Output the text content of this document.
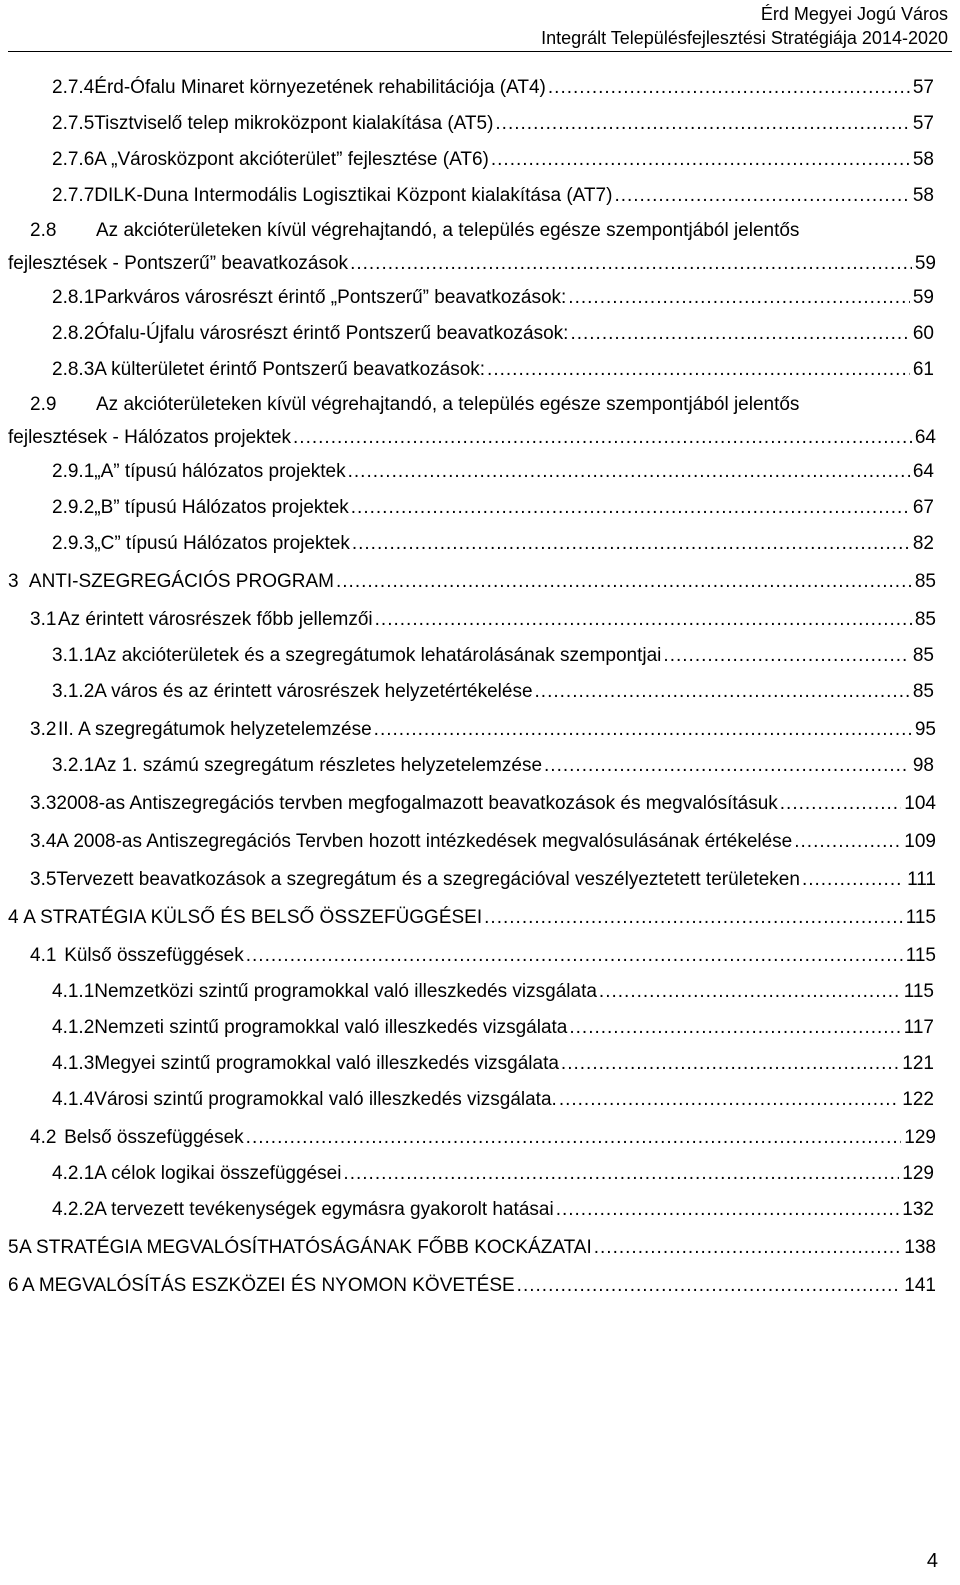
Érd Megyei Jogú Város
Integrált Településfejlesztési Stratégiája 2014-2020
2.7.4 Érd-Ófalu Minaret környezetének rehabilitációja (AT4) .....	57
2.7.5 Tisztviselő telep mikroközpont kialakítása (AT5) .....	57
2.7.6 A „Városközpont akcióterület” fejlesztése (AT6) .....	58
2.7.7 DILK-Duna Intermodális Logisztikai Központ kialakítása (AT7) .....	58
2.8	Az akcióterületeken kívül végrehajtandó, a település egésze szempontjából jelentős
fejlesztések - Pontszerű” beavatkozások .....	59
2.8.1 Parkváros városrészt érintő „Pontszerű” beavatkozások: .....	59
2.8.2 Ófalu-Újfalu városrészt érintő Pontszerű beavatkozások: .....	60
2.8.3 A külterületet érintő Pontszerű beavatkozások: .....	61
2.9	Az akcióterületeken kívül végrehajtandó, a település egésze szempontjából jelentős
fejlesztések - Hálózatos projektek .....	64
2.9.1 „A” típusú hálózatos projektek .....	64
2.9.2 „B” típusú Hálózatos projektek .....	67
2.9.3 „C” típusú Hálózatos projektek .....	82
3 ANTI-SZEGREGÁCIÓS PROGRAM .....	85
3.1 Az érintett városrészek főbb jellemzői .....	85
3.1.1 Az akcióterületek és a szegregátumok lehatárolásának szempontjai .....	85
3.1.2 A város és az érintett városrészek helyzetértékelése .....	85
3.2 II. A szegregátumok helyzetelemzése .....	95
3.2.1 Az 1. számú szegregátum részletes helyzetelemzése .....	98
3.3 2008-as Antiszegregációs tervben megfogalmazott beavatkozások és megvalósításuk .....	104
3.4 A 2008-as Antiszegregációs Tervben hozott intézkedések megvalósulásának értékelése .....	109
3.5 Tervezett beavatkozások a szegregátum és a szegregációval veszélyeztetett területeken .....	111
4 A STRATÉGIA KÜLSŐ ÉS BELSŐ ÖSSZEFÜGGÉSEI .....	115
4.1 Külső összefüggések .....	115
4.1.1 Nemzetközi szintű programokkal való illeszkedés vizsgálata .....	115
4.1.2 Nemzeti szintű programokkal való illeszkedés vizsgálata .....	117
4.1.3 Megyei szintű programokkal való illeszkedés vizsgálata .....	121
4.1.4 Városi szintű programokkal való illeszkedés vizsgálata. .....	122
4.2 Belső összefüggések .....	129
4.2.1 A célok logikai összefüggései .....	129
4.2.2 A tervezett tevékenységek egymásra gyakorolt hatásai .....	132
5 A STRATÉGIA MEGVALÓSÍTHATÓSÁGÁNAK FŐBB KOCKÁZATAI .....	138
6 A MEGVALÓSÍTÁS ESZKÖZEI ÉS NYOMON KÖVETÉSE .....	141
4
